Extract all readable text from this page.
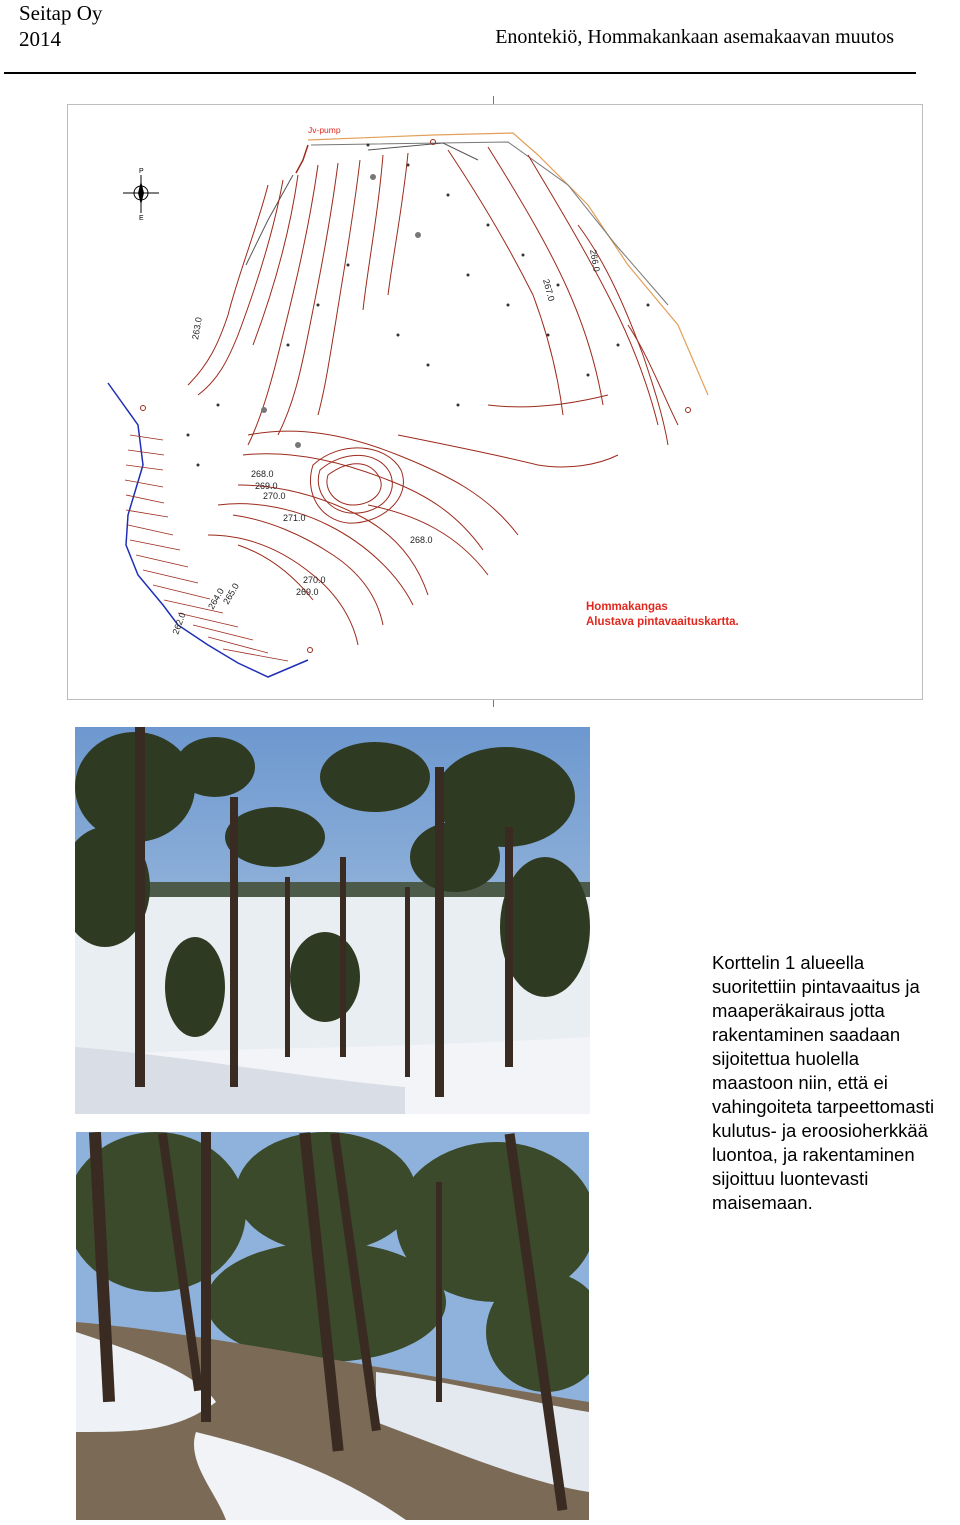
Seitap Oy
2014	Enontekiö, Hommakankaan asemakaavan muutos
P
E
Jv-pump
268.0
269.0
270.0
271.0
270.0
269.0
268.0
267.0
266.0
265.0
264.0
263.0
262.0
Hommakangas
Alustava pintavaaituskartta.
Korttelin 1 alueella
suoritettiin pintavaaitus ja
maaperäkairaus jotta
rakentaminen saadaan
sijoitettua huolella
maastoon niin, että ei
vahingoiteta tarpeettomasti
kulutus- ja eroosioherkkää
luontoa, ja rakentaminen
sijoittuu luontevasti
maisemaan.
